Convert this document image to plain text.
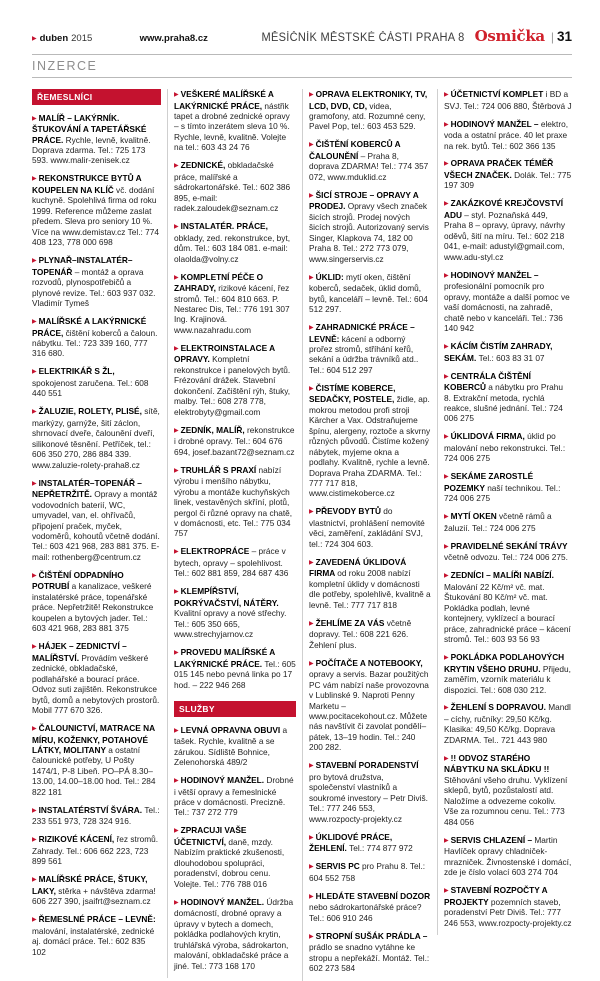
▶ duben 2015	www.praha8.cz	MĚSÍČNÍK MĚSTSKÉ ČÁSTI PRAHA 8 Osmička | 31
INZERCE
ŘEMESLNÍCI

▶ MALÍŘ – LAKÝRNÍK. ŠTUKOVÁNÍ A TAPETÁŘSKÉ PRÁCE. Rychle, levně, kvalitně. Doprava zdarma. Tel.: 725 173 593. www.malir-zenisek.cz

▶ REKONSTRUKCE BYTŮ A KOUPELEN NA KLÍČ vč. dodání kuchyně. Spolehlivá firma od roku 1999. Reference můžeme zaslat předem. Sleva pro seniory 10 %. Více na www.demistav.cz Tel.: 774 408 123, 778 000 698

▶ PLYNAŘ–INSTALATÉR–TOPENÁŘ – montáž a oprava rozvodů, plynospotřebičů a plynové revize. Tel.: 603 937 032. Vladimír Tymeš

▶ MALÍŘSKÉ A LAKÝRNICKÉ PRÁCE, čištění koberců a čaloun. nábytku. Tel.: 723 339 160, 777 316 680.

▶ ELEKTRIKÁŘ S ŽL, spokojenost zaručena. Tel.: 608 440 551

▶ ŽALUZIE, ROLETY, PLISÉ, sítě, markýzy, garnýže, šití záclon, shrnovací dveře, čalounění dveří, silikonové těsnění. Petříček, tel.: 606 350 270, 286 884 339. www.zaluzie-rolety-praha8.cz

▶ INSTALATÉR–TOPENÁŘ – NEPŘETRŽITĚ. Opravy a montáž vodovodních baterií, WC, umyvadel, van, el. ohřívačů, připojení praček, myček, vodoměrů, kohoutů včetně dodání. Tel.: 603 421 968, 283 881 375. E-mail: rothenberg@centrum.cz

▶ ČIŠTĚNÍ ODPADNÍHO POTRUBÍ a kanalizace, veškeré instalatérské práce, topenářské práce. Nepřetržitě! Rekonstrukce koupelen a bytových jader. Tel.: 603 421 968, 283 881 375

▶ HÁJEK – ZEDNICTVÍ – MALÍŘSTVÍ. Provádím veškeré zednické, obkladačské, podlahářské a bourací práce. Odvoz suti zajištěn. Rekonstrukce bytů, domů a nebytových prostorů. Mobil 777 670 326.

▶ ČALOUNICTVÍ, MATRACE NA MÍRU, KOŽENKY, POTAHOVÉ LÁTKY, MOLITANY a ostatní čalounické potřeby, U Pošty 1474/1, P-8 Libeň. PO–PÁ 8.30–13.00, 14.00–18.00 hod. Tel.: 284 822 181

▶ INSTALATÉRSTVÍ ŠVÁRA. Tel.: 233 551 973, 728 324 916.

▶ RIZIKOVÉ KÁCENÍ, řez stromů. Zahrady. Tel.: 606 662 223, 723 899 561

▶ MALÍŘSKÉ PRÁCE, ŠTUKY, LAKY, stěrka + návštěva zdarma! 606 227 390, jsaifrt@seznam.cz

▶ ŘEMESLNÉ PRÁCE – LEVNĚ: malování, instalatérské, zednické aj. domácí práce. Tel.: 602 835 102

▶ VEŠKERÉ MALÍŘSKÉ A LAKÝRNICKÉ PRÁCE, nástřik tapet a drobné zednické opravy – s tímto inzerátem sleva 10 %. Rychle, levně, kvalitně. Volejte na tel.: 603 43 24 76

▶ ZEDNICKÉ, obkladačské práce, malířské a sádrokartonářské. Tel.: 602 386 895, e-mail: radek.zaloudek@seznam.cz

▶ INSTALATÉR. PRÁCE, obklady, zed. rekonstrukce, byt, dům. Tel.: 603 184 081. e-mail: olaolda@volny.cz

▶ KOMPLETNÍ PÉČE O ZAHRADY, rizikové kácení, řez stromů. Tel.: 604 810 663. P. Nestarec Dis, Tel.: 776 191 307 Ing. Krajinová. www.nazahradu.com

▶ ELEKTROINSTALACE A OPRAVY. Kompletní rekonstrukce i panelových bytů. Frézování drážek. Stavební dokončení. Začištění rýh, štuky, malby. Tel.: 608 278 778, elektrobyty@gmail.com

▶ ZEDNÍK, MALÍŘ, rekonstrukce i drobné opravy. Tel.: 604 676 694, josef.bazant72@seznam.cz

▶ TRUHLÁŘ S PRAXÍ nabízí výrobu i menšího nábytku, výrobu a montáže kuchyňských linek, vestavěných skříní, plotů, pergol či různé opravy na chatě, v domácnosti, etc. Tel.: 775 034 757

▶ ELEKTROPRÁCE – práce v bytech, opravy – spolehlivost. Tel.: 602 881 859, 284 687 436

▶ KLEMPÍŘSTVÍ, POKRÝVAČSTVÍ, NÁTĚRY. Kvalitní opravy a nové střechy. Tel.: 605 350 665, www.strechyjarnov.cz

▶ PROVEDU MALÍŘSKÉ A LAKÝRNICKÉ PRÁCE. Tel.: 605 015 145 nebo pevná linka po 17 hod. – 222 946 268

SLUŽBY

▶ LEVNÁ OPRAVNA OBUVI a tašek. Rychle, kvalitně a se zárukou. Sídliště Bohnice, Zelenohorská 489/2

▶ HODINOVÝ MANŽEL. Drobné i větší opravy a řemeslnické práce v domácnosti. Precizně. Tel.: 737 272 779

▶ ZPRACUJI VAŠE ÚČETNICTVÍ, daně, mzdy. Nabízím praktické zkušenosti, dlouhodobou spolupráci, poradenství, dobrou cenu. Volejte. Tel.: 776 788 016

▶ HODINOVÝ MANŽEL. Údržba domácností, drobné opravy a úpravy v bytech a domech, pokládka podlahových krytin, truhlářská výroba, sádrokarton, malování, obkladačské práce a jiné. Tel.: 773 168 170

▶ OPRAVA ELEKTRONIKY, TV, LCD, DVD, CD, videa, gramofony, atd. Rozumné ceny, Pavel Pop, tel.: 603 453 529.

▶ ČIŠTĚNÍ KOBERCŮ A ČALOUNĚNÍ – Praha 8, doprava ZDARMA! Tel.: 774 357 072, www.mduklid.cz

▶ ŠICÍ STROJE – OPRAVY A PRODEJ. Opravy všech značek šicích strojů. Prodej nových šicích strojů. Autorizovaný servis Singer, Klapkova 74, 182 00 Praha 8. Tel.: 272 773 079, www.singerservis.cz

▶ ÚKLID: mytí oken, čištění koberců, sedaček, úklid domů, bytů, kanceláří – levně. Tel.: 604 512 297.

▶ ZAHRADNICKÉ PRÁCE – LEVNĚ: kácení a odborný prořez stromů, stříhání keřů, sekání a údržba trávníků atd.. Tel.: 604 512 297

▶ ČISTÍME KOBERCE, SEDAČKY, POSTELE, židle, ap. mokrou metodou profi stroji Kärcher a Vax. Odstraňujeme špínu, alergeny, roztoče a skvrny různých původů. Čistíme kožený nábytek, myjeme okna a podlahy. Kvalitně, rychle a levně. Doprava Praha ZDARMA. Tel.: 777 717 818, www.cistimekoberce.cz

▶ PŘEVODY BYTŮ do vlastnictví, prohlášení nemovité věci, zaměření, zakládání SVJ, tel.: 724 304 603.

▶ ZAVEDENÁ ÚKLIDOVÁ FIRMA od roku 2008 nabízí kompletní úklidy v domácnosti dle potřeby, spolehlivě, kvalitně a levně. Tel.: 777 717 818

▶ ŽEHLÍME ZA VÁS včetně dopravy. Tel.: 608 221 626. Žehlení plus.

▶ POČÍTAČE A NOTEBOOKY, opravy a servis. Bazar použitých PC vám nabízí naše provozovna v Lublinské 9. Naproti Penny Marketu – www.pocitacekohout.cz. Můžete nás navštívit či zavolat pondělí–pátek, 13–19 hodin. Tel.: 240 200 282.

▶ STAVEBNÍ PORADENSTVÍ pro bytová družstva, společenství vlastníků a soukromé investory – Petr Diviš. Tel.: 777 246 553, www.rozpocty-projekty.cz

▶ ÚKLIDOVÉ PRÁCE, ŽEHLENÍ. Tel.: 774 877 972

▶ SERVIS PC pro Prahu 8. Tel.: 604 552 758

▶ HLEDÁTE STAVEBNÍ DOZOR nebo sádrokartonářské práce? Tel.: 606 910 246

▶ STROPNÍ SUŠÁK PRÁDLA – prádlo se snadno vytáhne ke stropu a nepřekáží. Montáž. Tel.: 602 273 584

▶ ÚČETNICTVÍ KOMPLET i BD a SVJ. Tel.: 724 006 880, Štěrbová J

▶ HODINOVÝ MANŽEL – elektro, voda a ostatní práce. 40 let praxe na rek. bytů. Tel.: 602 366 135

▶ OPRAVA PRAČEK TÉMĚŘ VŠECH ZNAČEK. Dolák. Tel.: 775 197 309

▶ ZAKÁZKOVÉ KREJČOVSTVÍ ADU – styl. Poznaňská 449, Praha 8 – opravy, úpravy, návrhy oděvů, šití na míru. Tel.: 602 218 041, e-mail: adustyl@gmail.com, www.adu-styl.cz

▶ HODINOVÝ MANŽEL – profesionální pomocník pro opravy, montáže a další pomoc ve vaší domácnosti, na zahradě, chatě nebo v kanceláři. Tel.: 736 140 942

▶ KÁCÍM ČISTÍM ZAHRADY, SEKÁM. Tel.: 603 83 31 07

▶ CENTRÁLA ČIŠTĚNÍ KOBERCŮ a nábytku pro Prahu 8. Extrakční metoda, rychlá reakce, slušné jednání. Tel.: 724 006 275

▶ ÚKLIDOVÁ FIRMA, úklid po malování nebo rekonstrukci. Tel.: 724 006 275

▶ SEKÁME ZAROSTLÉ POZEMKY naší technikou. Tel.: 724 006 275

▶ MYTÍ OKEN včetně rámů a žaluzií. Tel.: 724 006 275

▶ PRAVIDELNÉ SEKÁNÍ TRÁVY včetně odvozu. Tel.: 724 006 275.

▶ ZEDNÍCI – MALÍŘI NABÍZÍ. Malování 22 Kč/m² vč. mat. Štukování 80 Kč/m² vč. mat. Pokládka podlah, levné kontejnery, vyklízecí a bourací práce, zahradnické práce – kácení stromů. Tel.: 603 93 56 93

▶ POKLÁDKA PODLAHOVÝCH KRYTIN VŠEHO DRUHU. Přijedu, zaměřím, vzorník materiálu k dispozici. Tel.: 608 030 212.

▶ ŽEHLENÍ S DOPRAVOU. Mandl – cíchy, ručníky: 29,50 Kč/kg. Klasika: 49,50 Kč/kg. Doprava ZDARMA. Tel.. 721 443 980

▶ !! ODVOZ STARÉHO NÁBYTKU NA SKLÁDKU !! Stěhování všeho druhu. Vyklízení sklepů, bytů, pozůstalostí atd. Naložíme a odvezeme cokoliv. Vše za rozumnou cenu. Tel.: 773 484 056

▶ SERVIS CHLAZENÍ – Martin Havlíček opravy chladniček-mrazniček. Živnostenské i domácí, zde je číslo volací 603 274 704

▶ STAVEBNÍ ROZPOČTY A PROJEKTY pozemních staveb, poradenství Petr Diviš. Tel.: 777 246 553, www.rozpocty-projekty.cz
